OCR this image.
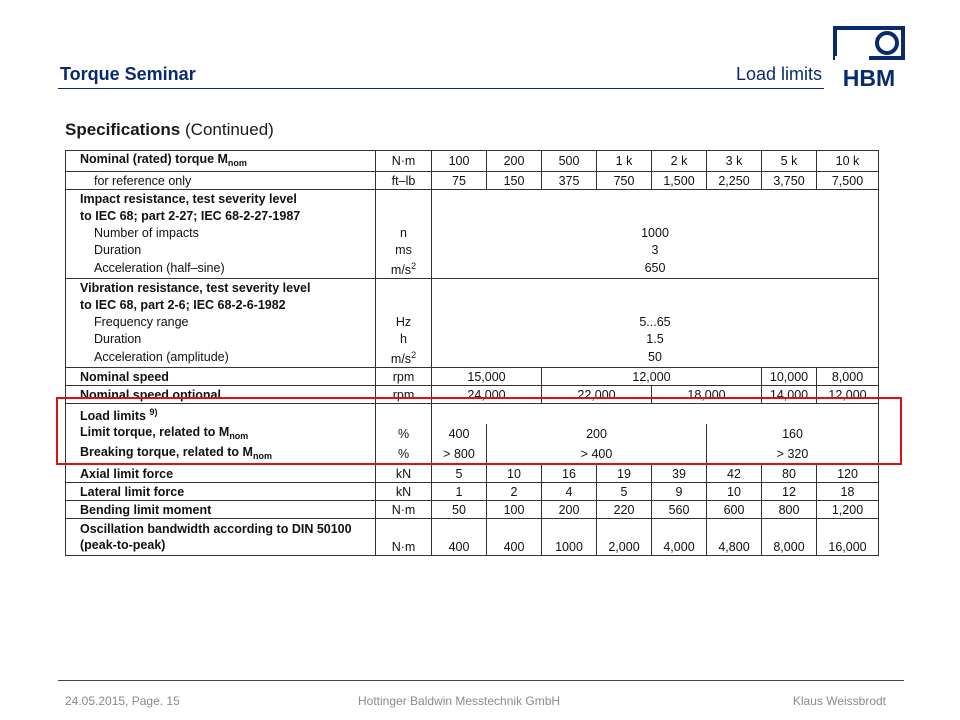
Torque Seminar	Load limits HBM
Specifications (Continued)
Nominal (rated) torque $M_{nom}$	N·m	100	200	500	1 k	2 k	3 k	5 k	10 k
for reference only	ft–lb	75	150	375	750	1,500	2,250	3,750	7,500
Impact resistance, test severity level									
to IEC 68; part 2-27; IEC 68-2-27-1987									
Number of impacts	n	1000							
Duration	ms	3							
Acceleration (half–sine)	$m/s^2$	650							
Vibration resistance, test severity level									
to IEC 68, part 2-6; IEC 68-2-6-1982									
Frequency range	Hz	5...65							
Duration	h	1.5							
Acceleration (amplitude)	$m/s^2$	50							
Nominal speed	rpm	15,000		12,000				10,000	8,000
Nominal speed optional	rpm	24,000		22,000		18,000		14,000	12,000
Load limits $^{9)}$		
Limit torque, related to $M_{nom}$	%	400	200				160		
Breaking torque, related to $M_{nom}$	%	> 800	> 400				> 320		
Axial limit force	kN	5	10	16	19	39	42	80	120
Lateral limit force	kN	1	2	4	5	9	10	12	18
Bending limit moment	N·m	50	100	200	220	560	600	800	1,200

Oscillation bandwidth according to DIN 50100
(peak-to-peak)	N·m	400	400	1000	2,000	4,000	4,800	8,000	16,000
24.05.2015, Page. 15	Hottinger Baldwin Messtechnik GmbH	Klaus Weissbrodt
